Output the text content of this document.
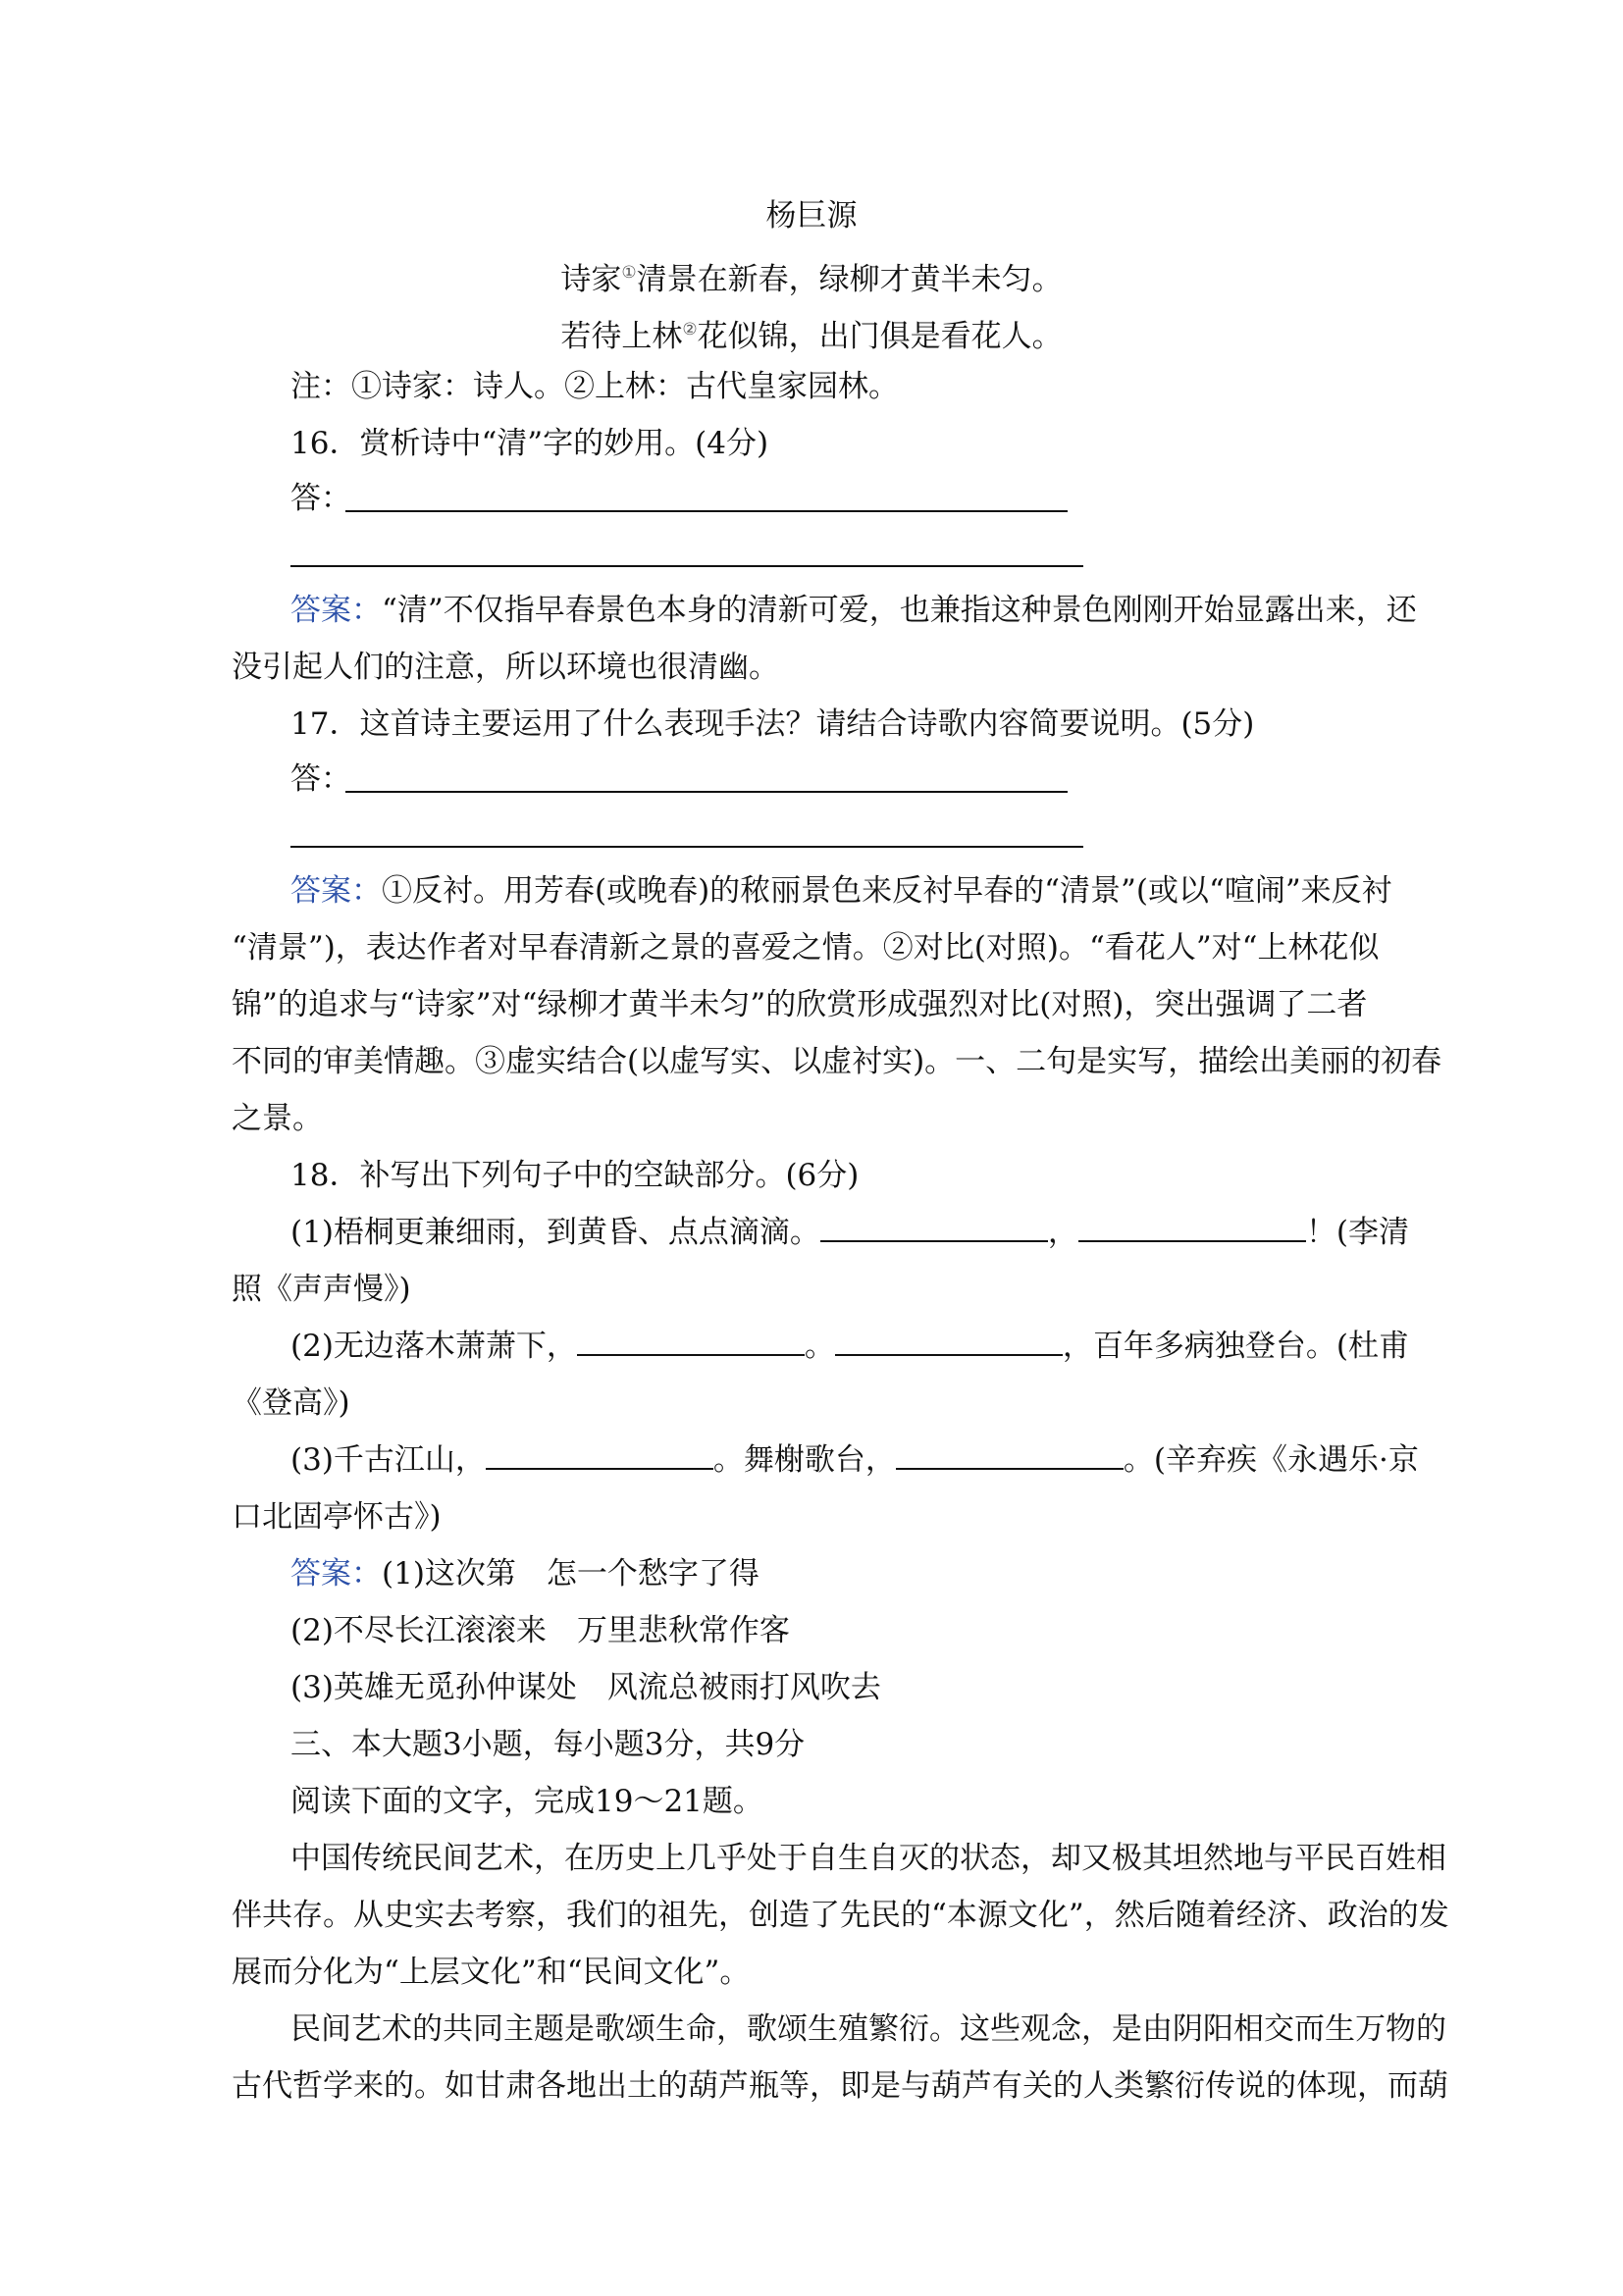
杨巨源
诗家①清景在新春，绿柳才黄半未匀。
若待上林②花似锦，出门俱是看花人。
注：①诗家：诗人。②上林：古代皇家园林。
16．赏析诗中“清”字的妙用。(4分)
答：
答案：“清”不仅指早春景色本身的清新可爱，也兼指这种景色刚刚开始显露出来，还
没引起人们的注意，所以环境也很清幽。
17．这首诗主要运用了什么表现手法？请结合诗歌内容简要说明。(5分)
答：
答案：①反衬。用芳春(或晚春)的秾丽景色来反衬早春的“清景”(或以“喧闹”来反衬
“清景”)，表达作者对早春清新之景的喜爱之情。②对比(对照)。“看花人”对“上林花似
锦”的追求与“诗家”对“绿柳才黄半未匀”的欣赏形成强烈对比(对照)，突出强调了二者
不同的审美情趣。③虚实结合(以虚写实、以虚衬实)。一、二句是实写，描绘出美丽的初春
之景。
18．补写出下列句子中的空缺部分。(6分)
(1)梧桐更兼细雨，到黄昏、点点滴滴。	，	！(李清
照《声声慢》)
(2)无边落木萧萧下，	。	，百年多病独登台。(杜甫
《登高》)
(3)千古江山，	。舞榭歌台，	。(辛弃疾《永遇乐·京
口北固亭怀古》)
答案：(1)这次第　怎一个愁字了得
(2)不尽长江滚滚来　万里悲秋常作客
(3)英雄无觅孙仲谋处　风流总被雨打风吹去
三、本大题3小题，每小题3分，共9分
阅读下面的文字，完成19～21题。
中国传统民间艺术，在历史上几乎处于自生自灭的状态，却又极其坦然地与平民百姓相
伴共存。从史实去考察，我们的祖先，创造了先民的“本源文化”，然后随着经济、政治的发
展而分化为“上层文化”和“民间文化”。
民间艺术的共同主题是歌颂生命，歌颂生殖繁衍。这些观念，是由阴阳相交而生万物的
古代哲学来的。如甘肃各地出土的葫芦瓶等，即是与葫芦有关的人类繁衍传说的体现，而葫
